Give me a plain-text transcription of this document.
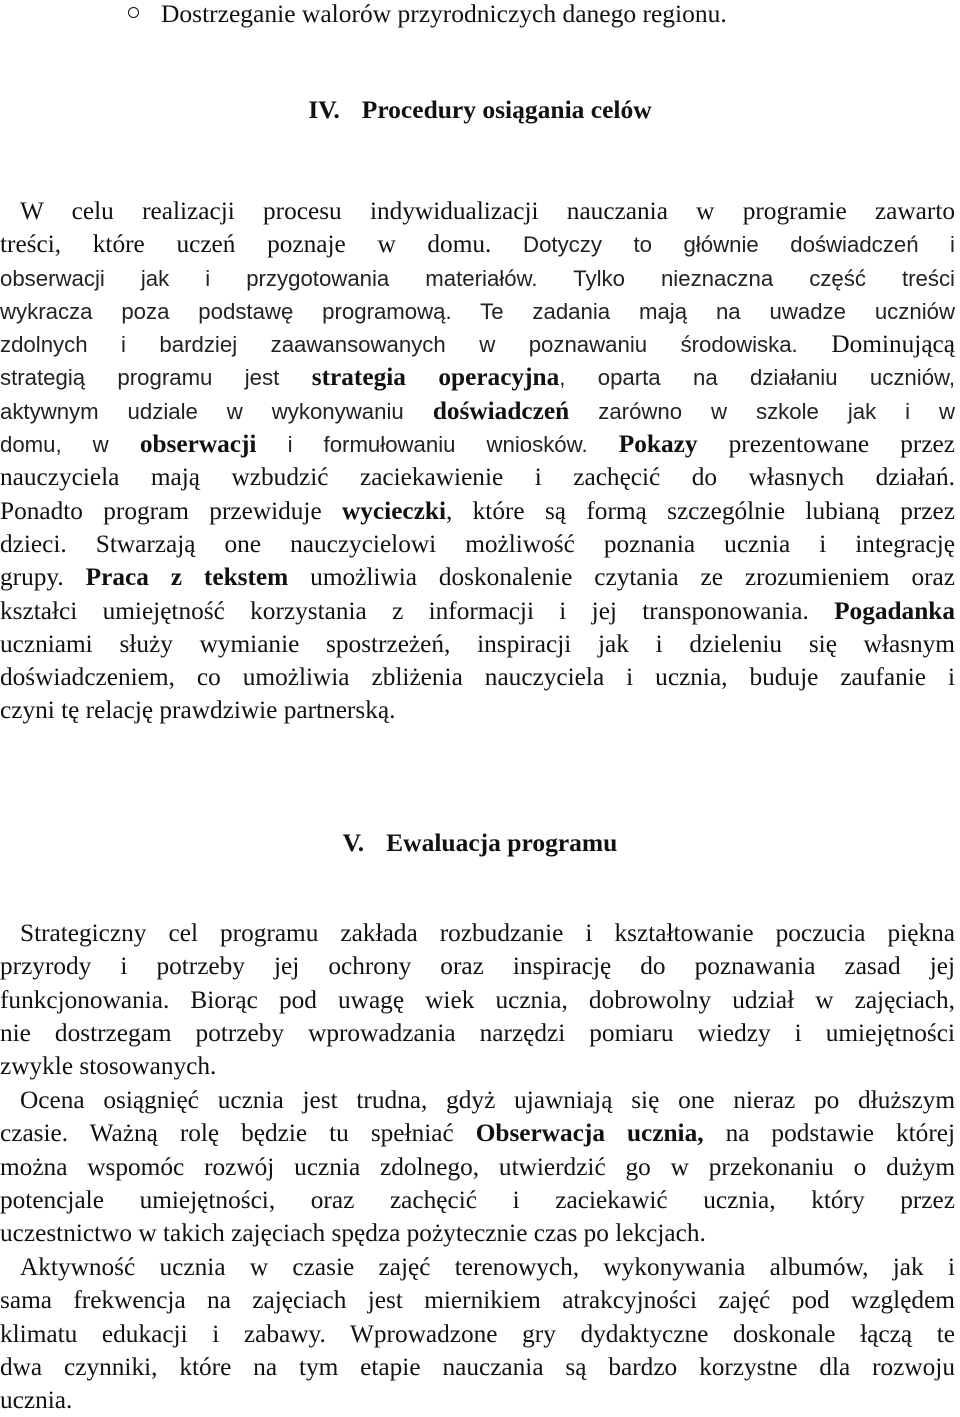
Dostrzeganie walorów przyrodniczych danego regionu.
IV. Procedury osiągania celów
W celu realizacji procesu indywidualizacji nauczania w programie zawarto
treści, które uczeń poznaje w domu. Dotyczy to głównie doświadczeń i
obserwacji jak i przygotowania materiałów. Tylko nieznaczna część treści
wykracza poza podstawę programową. Te zadania mają na uwadze uczniów
zdolnych i bardziej zaawansowanych w poznawaniu środowiska. Dominującą
strategią programu jest strategia operacyjna, oparta na działaniu uczniów,
aktywnym udziale w wykonywaniu doświadczeń zarówno w szkole jak i w
domu, w obserwacji i formułowaniu wniosków. Pokazy prezentowane przez
nauczyciela mają wzbudzić zaciekawienie i zachęcić do własnych działań.
Ponadto program przewiduje wycieczki, które są formą szczególnie lubianą przez
dzieci. Stwarzają one nauczycielowi możliwość poznania ucznia i integrację
grupy. Praca z tekstem umożliwia doskonalenie czytania ze zrozumieniem oraz
kształci umiejętność korzystania z informacji i jej transponowania. Pogadanka
uczniami służy wymianie spostrzeżeń, inspiracji jak i dzieleniu się własnym
doświadczeniem, co umożliwia zbliżenia nauczyciela i ucznia, buduje zaufanie i
czyni tę relację prawdziwie partnerską.
V. Ewaluacja programu
Strategiczny cel programu zakłada rozbudzanie i kształtowanie poczucia piękna
przyrody i potrzeby jej ochrony oraz inspirację do poznawania zasad jej
funkcjonowania. Biorąc pod uwagę wiek ucznia, dobrowolny udział w zajęciach,
nie dostrzegam potrzeby wprowadzania narzędzi pomiaru wiedzy i umiejętności
zwykle stosowanych.
Ocena osiągnięć ucznia jest trudna, gdyż ujawniają się one nieraz po dłuższym
czasie. Ważną rolę będzie tu spełniać Obserwacja ucznia, na podstawie której
można wspomóc rozwój ucznia zdolnego, utwierdzić go w przekonaniu o dużym
potencjale umiejętności, oraz zachęcić i zaciekawić ucznia, który przez
uczestnictwo w takich zajęciach spędza pożytecznie czas po lekcjach.
Aktywność ucznia w czasie zajęć terenowych, wykonywania albumów, jak i
sama frekwencja na zajęciach jest miernikiem atrakcyjności zajęć pod względem
klimatu edukacji i zabawy. Wprowadzone gry dydaktyczne doskonale łączą te
dwa czynniki, które na tym etapie nauczania są bardzo korzystne dla rozwoju
ucznia.
